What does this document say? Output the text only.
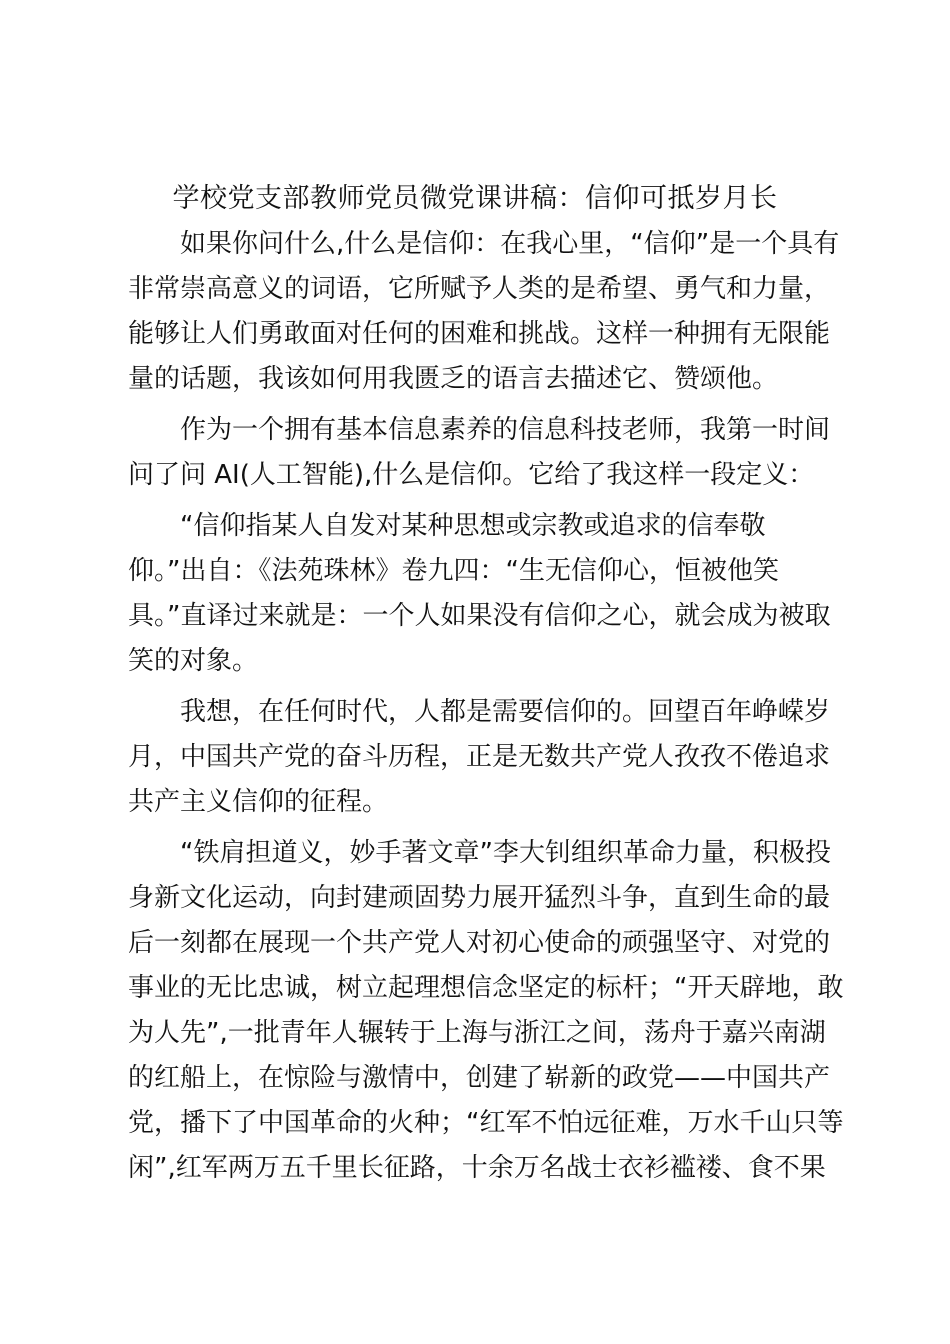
学校党支部教师党员微党课讲稿：信仰可抵岁月长
如果你问什么,什么是信仰：在我心里，“信仰”是一个具有
非常崇高意义的词语，它所赋予人类的是希望、勇气和力量，
能够让人们勇敢面对任何的困难和挑战。这样一种拥有无限能
量的话题，我该如何用我匮乏的语言去描述它、赞颂他。
作为一个拥有基本信息素养的信息科技老师，我第一时间
问了问 AI(人工智能),什么是信仰。它给了我这样一段定义：
“信仰指某人自发对某种思想或宗教或追求的信奉敬
仰。”出自：《法苑珠林》卷九四：“生无信仰心，恒被他笑
具。”直译过来就是：一个人如果没有信仰之心，就会成为被取
笑的对象。
我想，在任何时代，人都是需要信仰的。回望百年峥嵘岁
月，中国共产党的奋斗历程，正是无数共产党人孜孜不倦追求
共产主义信仰的征程。
“铁肩担道义，妙手著文章”李大钊组织革命力量，积极投
身新文化运动，向封建顽固势力展开猛烈斗争，直到生命的最
后一刻都在展现一个共产党人对初心使命的顽强坚守、对党的
事业的无比忠诚，树立起理想信念坚定的标杆；“开天辟地，敢
为人先”,一批青年人辗转于上海与浙江之间，荡舟于嘉兴南湖
的红船上，在惊险与激情中，创建了崭新的政党——中国共产
党，播下了中国革命的火种；“红军不怕远征难，万水千山只等
闲”,红军两万五千里长征路，十余万名战士衣衫褴褛、食不果
